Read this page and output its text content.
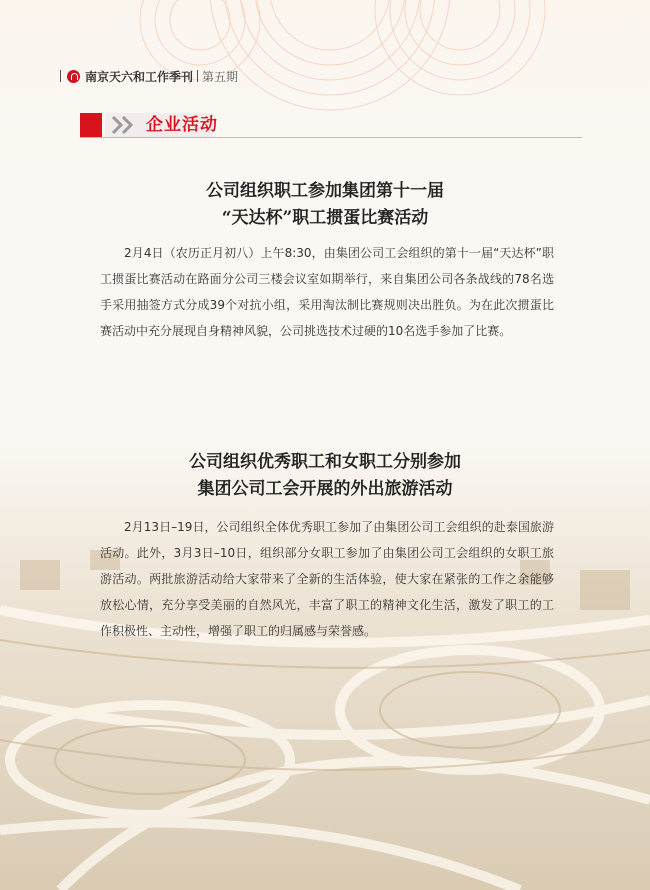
南京天六和工作季刊 第五期
企业活动
公司组织职工参加集团第十一届
“天达杯”职工掼蛋比赛活动
2月4日（农历正月初八）上午8:30，由集团公司工会组织的第十一届“天达杯”职工掼蛋比赛活动在路面分公司三楼会议室如期举行，来自集团公司各条战线的78名选手采用抽签方式分成39个对抗小组，采用淘汰制比赛规则决出胜负。为在此次掼蛋比赛活动中充分展现自身精神风貌，公司挑选技术过硬的10名选手参加了比赛。
公司组织优秀职工和女职工分别参加
集团公司工会开展的外出旅游活动
2月13日–19日，公司组织全体优秀职工参加了由集团公司工会组织的赴泰国旅游活动。此外，3月3日–10日，组织部分女职工参加了由集团公司工会组织的女职工旅游活动。两批旅游活动给大家带来了全新的生活体验，使大家在紧张的工作之余能够放松心情，充分享受美丽的自然风光，丰富了职工的精神文化生活，激发了职工的工作积极性、主动性，增强了职工的归属感与荣誉感。
